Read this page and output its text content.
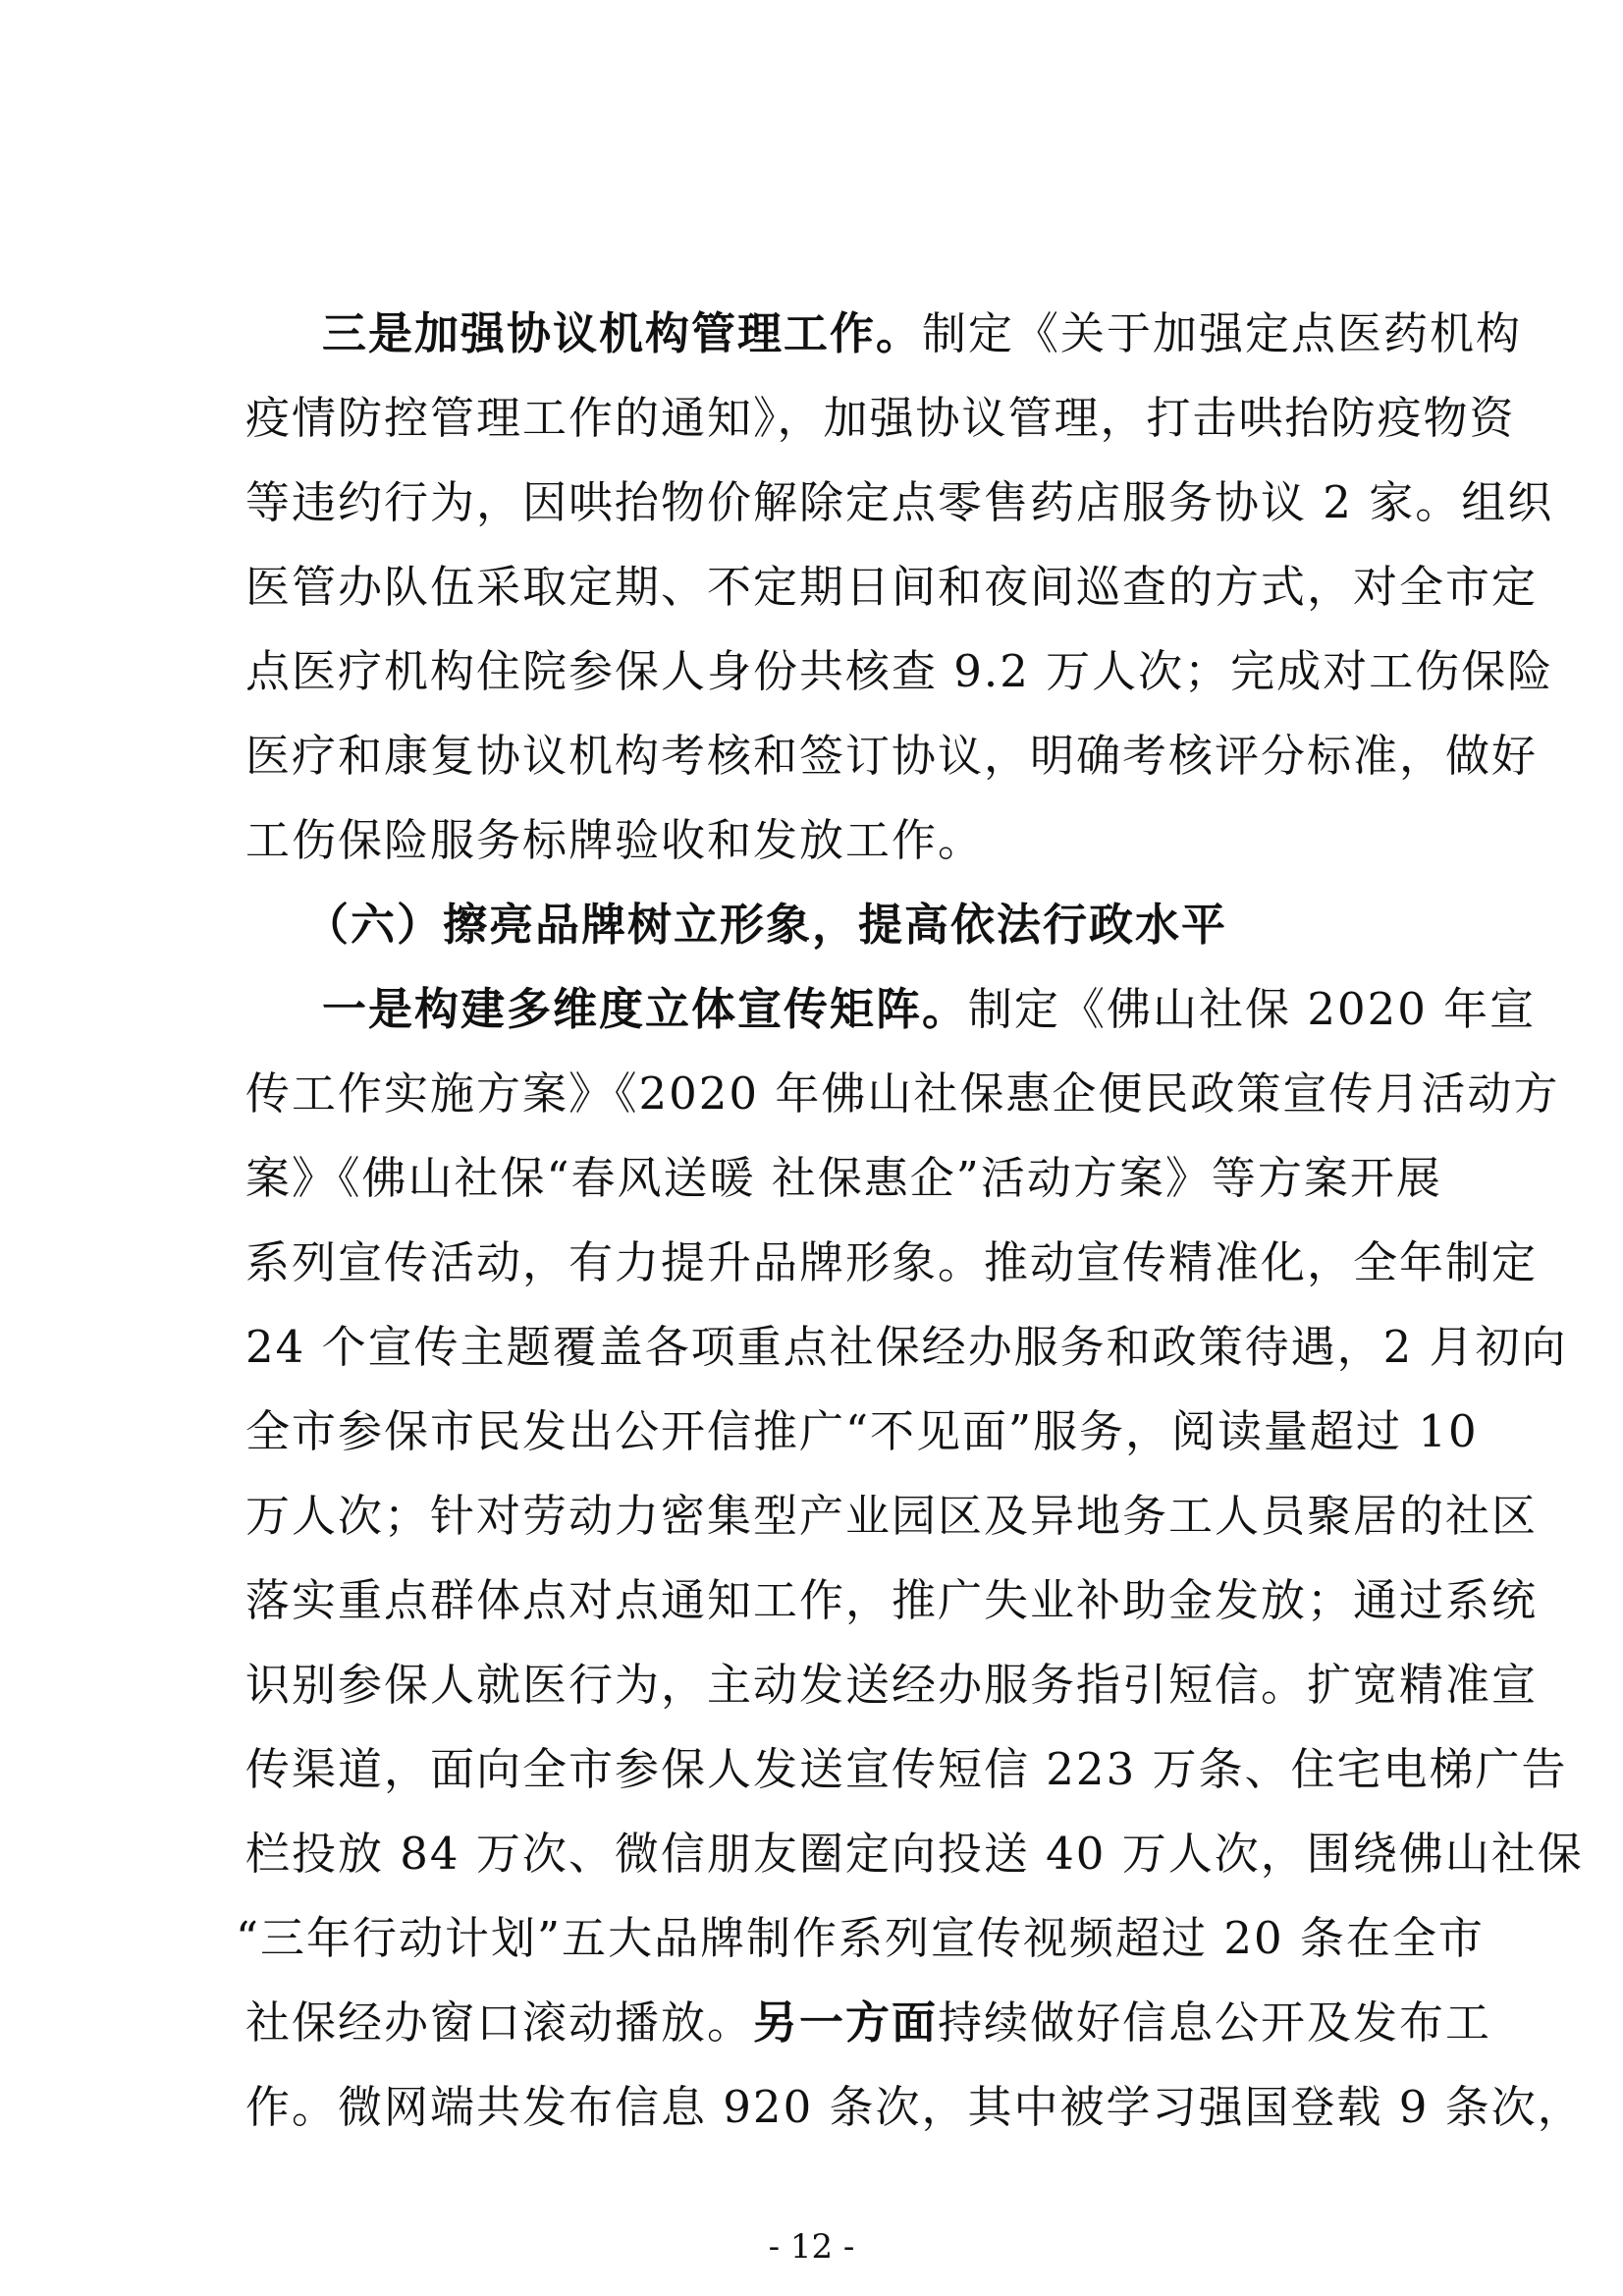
三是加强协议机构管理工作。制定《关于加强定点医药机构
疫情防控管理工作的通知》，加强协议管理，打击哄抬防疫物资
等违约行为，因哄抬物价解除定点零售药店服务协议 2 家。组织
医管办队伍采取定期、不定期日间和夜间巡查的方式，对全市定
点医疗机构住院参保人身份共核查 9.2 万人次；完成对工伤保险
医疗和康复协议机构考核和签订协议，明确考核评分标准，做好
工伤保险服务标牌验收和发放工作。
（六）擦亮品牌树立形象，提高依法行政水平
一是构建多维度立体宣传矩阵。制定《佛山社保 2020 年宣
传工作实施方案》《2020 年佛山社保惠企便民政策宣传月活动方
案》《佛山社保“春风送暖 社保惠企”活动方案》等方案开展
系列宣传活动，有力提升品牌形象。推动宣传精准化，全年制定
24 个宣传主题覆盖各项重点社保经办服务和政策待遇，2 月初向
全市参保市民发出公开信推广“不见面”服务，阅读量超过 10
万人次；针对劳动力密集型产业园区及异地务工人员聚居的社区
落实重点群体点对点通知工作，推广失业补助金发放；通过系统
识别参保人就医行为，主动发送经办服务指引短信。扩宽精准宣
传渠道，面向全市参保人发送宣传短信 223 万条、住宅电梯广告
栏投放 84 万次、微信朋友圈定向投送 40 万人次，围绕佛山社保
“三年行动计划”五大品牌制作系列宣传视频超过 20 条在全市
社保经办窗口滚动播放。另一方面持续做好信息公开及发布工
作。微网端共发布信息 920 条次，其中被学习强国登载 9 条次，
- 12 -
